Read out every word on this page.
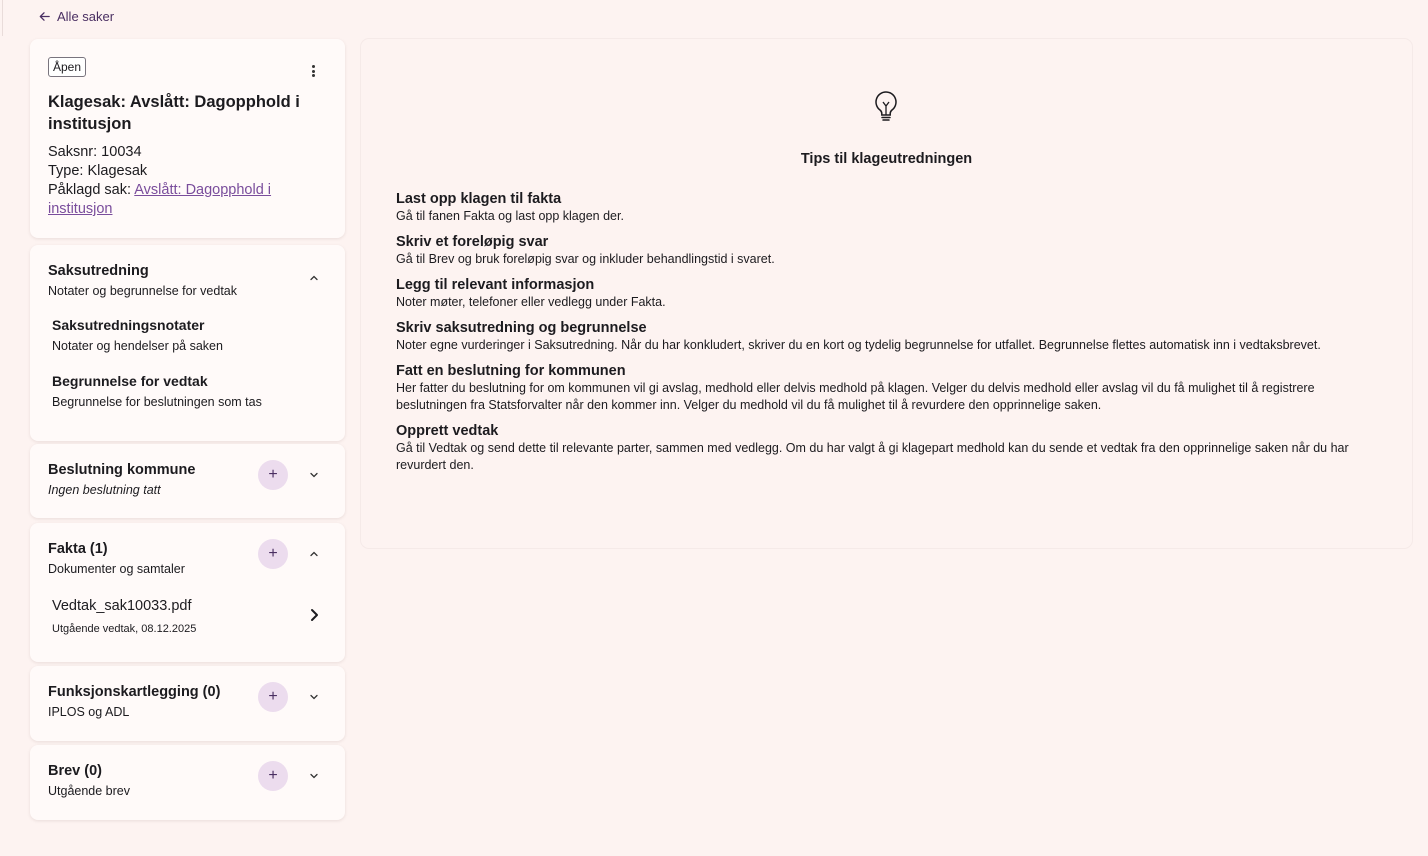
Alle saker
Åpen
Klagesak: Avslått: Dagopphold i institusjon
Saksnr: 10034
Type: Klagesak
Påklagd sak: Avslått: Dagopphold i institusjon
Saksutredning
Notater og begrunnelse for vedtak
Saksutredningsnotater
Notater og hendelser på saken
Begrunnelse for vedtak
Begrunnelse for beslutningen som tas
+
Beslutning kommune
Ingen beslutning tatt
+
Fakta (1)
Dokumenter og samtaler
Vedtak_sak10033.pdf
Utgående vedtak, 08.12.2025
+
Funksjonskartlegging (0)
IPLOS og ADL
+
Brev (0)
Utgående brev
Tips til klageutredningen
Last opp klagen til fakta
Gå til fanen Fakta og last opp klagen der.
Skriv et foreløpig svar
Gå til Brev og bruk foreløpig svar og inkluder behandlingstid i svaret.
Legg til relevant informasjon
Noter møter, telefoner eller vedlegg under Fakta.
Skriv saksutredning og begrunnelse
Noter egne vurderinger i Saksutredning. Når du har konkludert, skriver du en kort og tydelig begrunnelse for utfallet. Begrunnelse flettes automatisk inn i vedtaksbrevet.
Fatt en beslutning for kommunen
Her fatter du beslutning for om kommunen vil gi avslag, medhold eller delvis medhold på klagen. Velger du delvis medhold eller avslag vil du få mulighet til å registrere beslutningen fra Statsforvalter når den kommer inn. Velger du medhold vil du få mulighet til å revurdere den opprinnelige saken.
Opprett vedtak
Gå til Vedtak og send dette til relevante parter, sammen med vedlegg. Om du har valgt å gi klagepart medhold kan du sende et vedtak fra den opprinnelige saken når du har revurdert den.
